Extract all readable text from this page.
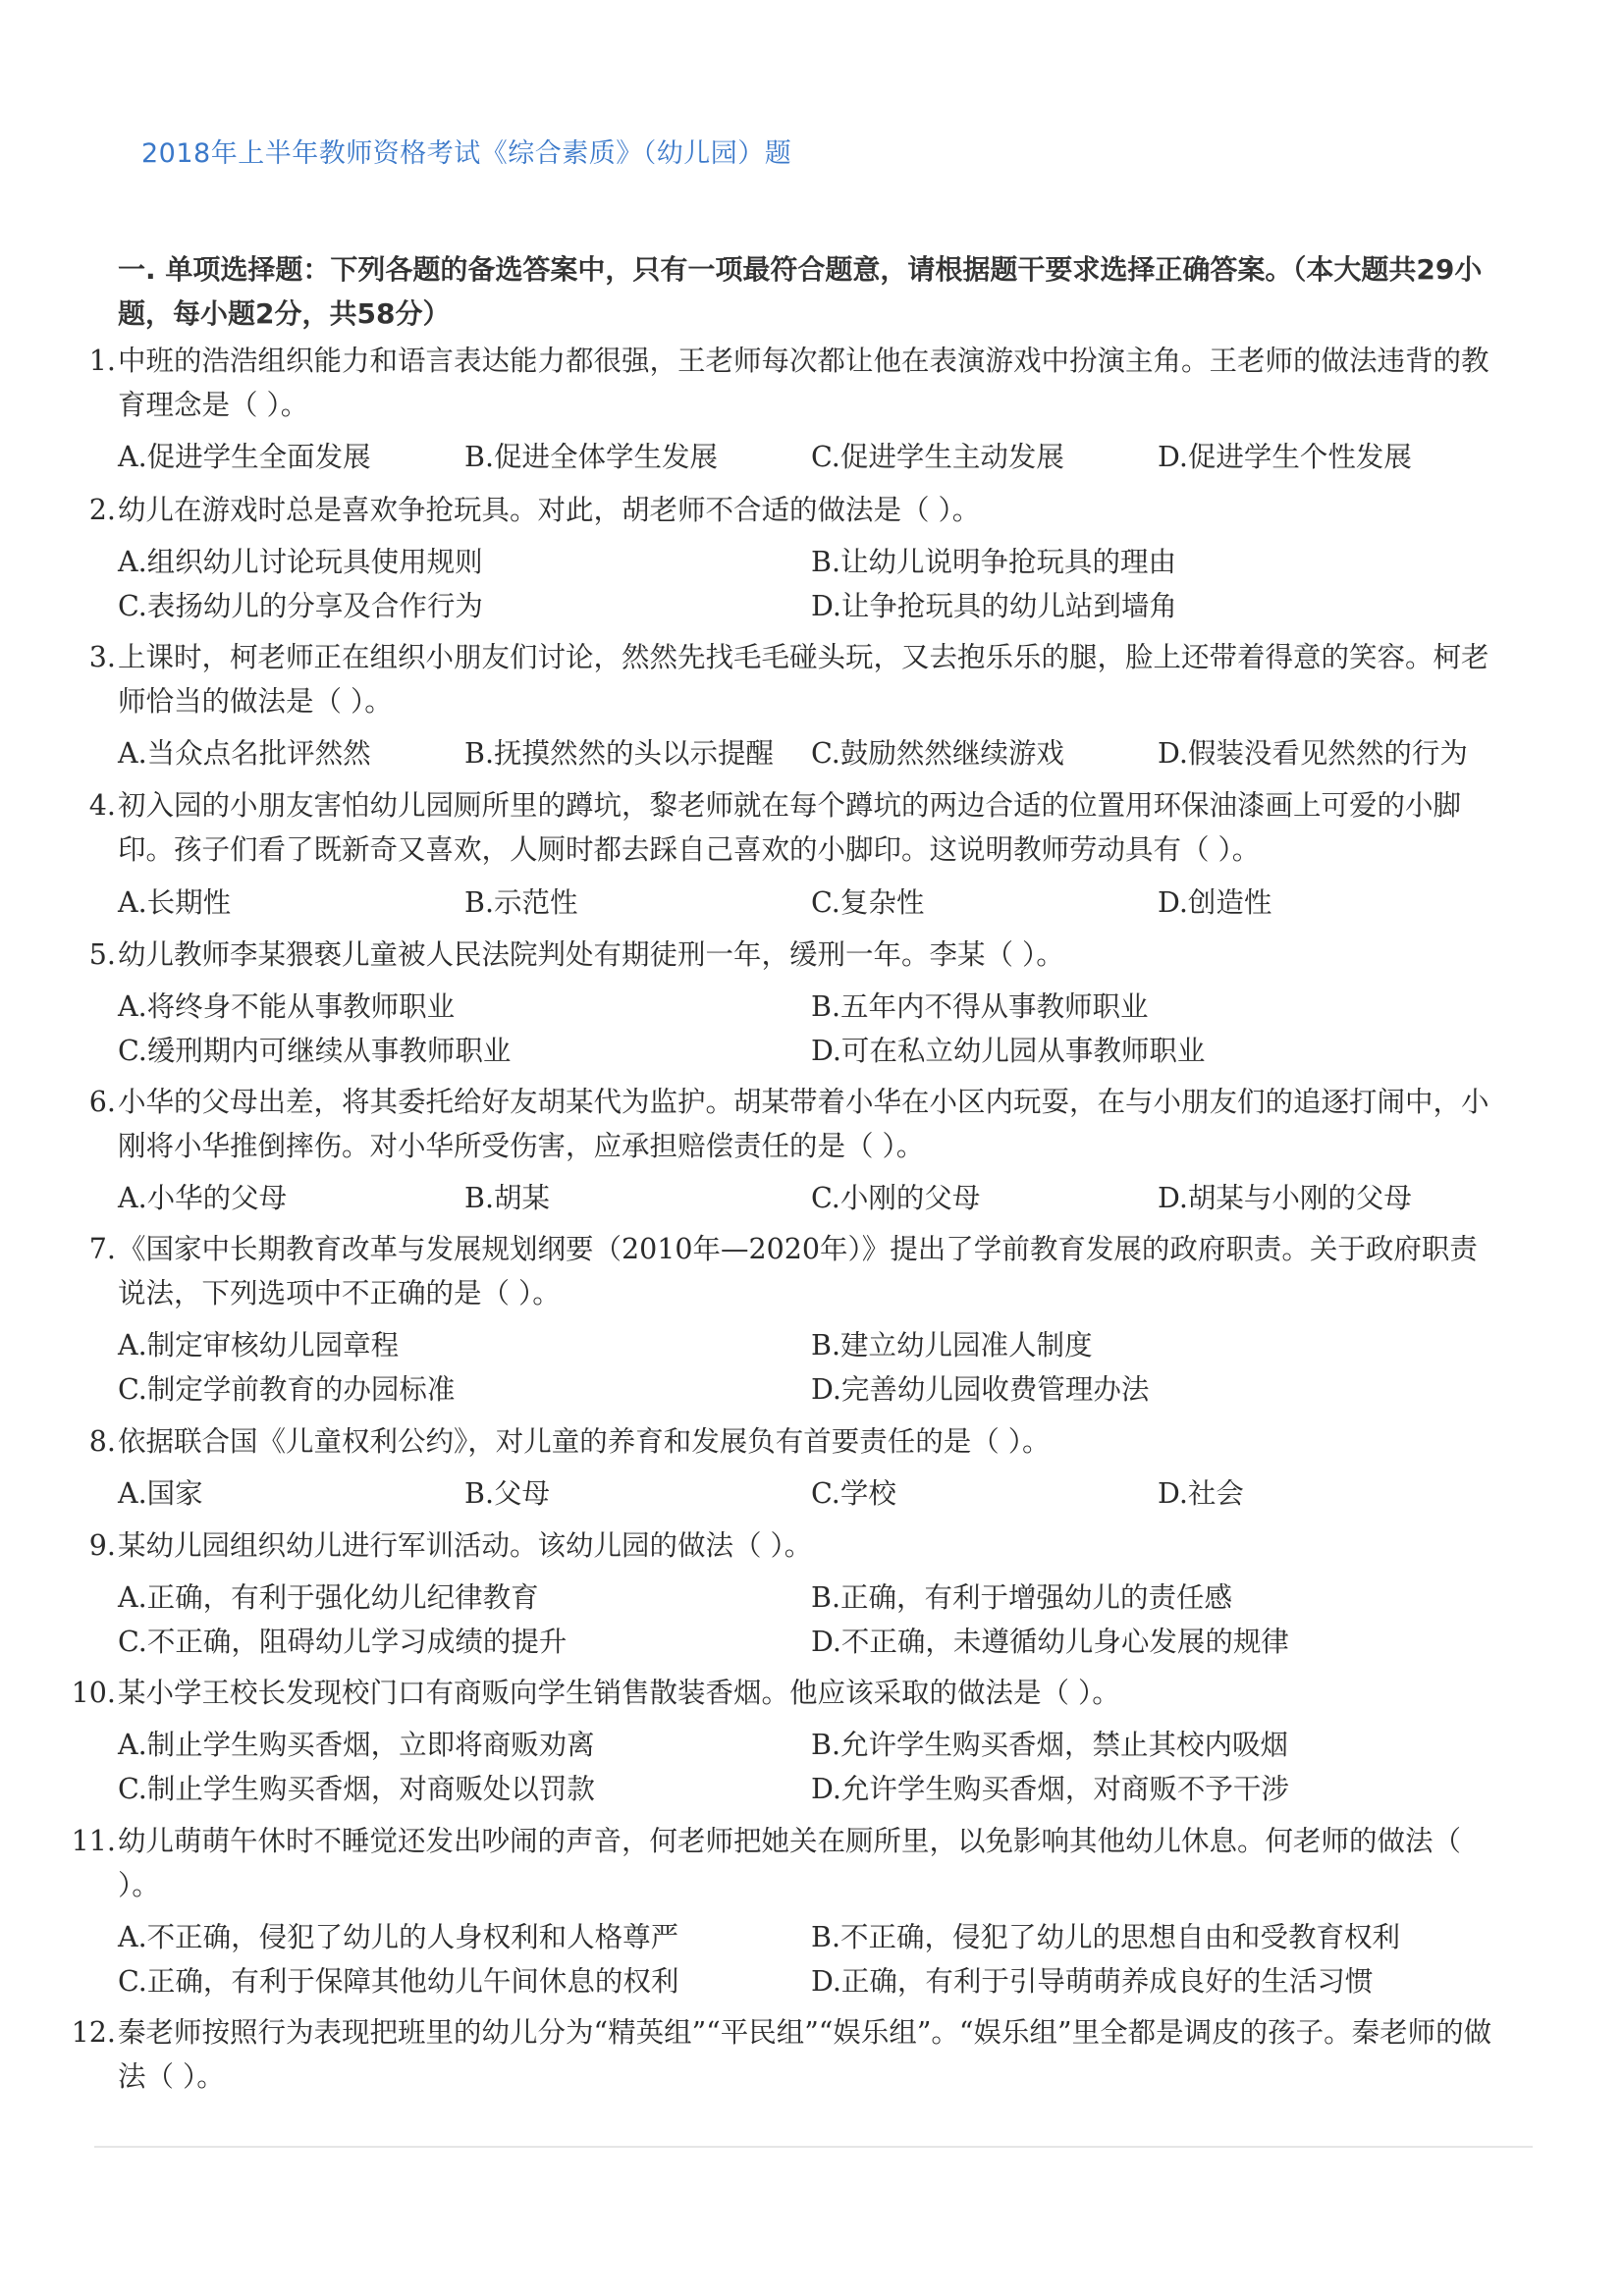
2018年上半年教师资格考试《综合素质》（幼儿园）题
一. 单项选择题：下列各题的备选答案中，只有一项最符合题意，请根据题干要求选择正确答案。（本大题共29小题，每小题2分，共58分）
1. 中班的浩浩组织能力和语言表达能力都很强，王老师每次都让他在表演游戏中扮演主角。王老师的做法违背的教育理念是（ ）。
A.促进学生全面发展	B.促进全体学生发展	C.促进学生主动发展	D.促进学生个性发展
2. 幼儿在游戏时总是喜欢争抢玩具。对此，胡老师不合适的做法是（ ）。
A.组织幼儿讨论玩具使用规则	B.让幼儿说明争抢玩具的理由
C.表扬幼儿的分享及合作行为	D.让争抢玩具的幼儿站到墙角
3. 上课时，柯老师正在组织小朋友们讨论，然然先找毛毛碰头玩，又去抱乐乐的腿，脸上还带着得意的笑容。柯老师恰当的做法是（ ）。
A.当众点名批评然然	B.抚摸然然的头以示提醒 C.鼓励然然继续游戏	D.假装没看见然然的行为
4. 初入园的小朋友害怕幼儿园厕所里的蹲坑，黎老师就在每个蹲坑的两边合适的位置用环保油漆画上可爱的小脚印。孩子们看了既新奇又喜欢，人厕时都去踩自己喜欢的小脚印。这说明教师劳动具有（ ）。
A.长期性	B.示范性	C.复杂性	D.创造性
5. 幼儿教师李某猥亵儿童被人民法院判处有期徒刑一年，缓刑一年。李某（ ）。
A.将终身不能从事教师职业	B.五年内不得从事教师职业
C.缓刑期内可继续从事教师职业	D.可在私立幼儿园从事教师职业
6. 小华的父母出差，将其委托给好友胡某代为监护。胡某带着小华在小区内玩耍，在与小朋友们的追逐打闹中，小刚将小华推倒摔伤。对小华所受伤害，应承担赔偿责任的是（ ）。
A.小华的父母	B.胡某	C.小刚的父母	D.胡某与小刚的父母
7. 《国家中长期教育改革与发展规划纲要（2010年—2020年）》提出了学前教育发展的政府职责。关于政府职责说法，下列选项中不正确的是（ ）。
A.制定审核幼儿园章程	B.建立幼儿园准人制度
C.制定学前教育的办园标准	D.完善幼儿园收费管理办法
8. 依据联合国《儿童权利公约》，对儿童的养育和发展负有首要责任的是（ ）。
A.国家	B.父母	C.学校	D.社会
9. 某幼儿园组织幼儿进行军训活动。该幼儿园的做法（ ）。
A.正确，有利于强化幼儿纪律教育	B.正确，有利于增强幼儿的责任感
C.不正确，阻碍幼儿学习成绩的提升	D.不正确，未遵循幼儿身心发展的规律
10. 某小学王校长发现校门口有商贩向学生销售散装香烟。他应该采取的做法是（ ）。
A.制止学生购买香烟，立即将商贩劝离	B.允许学生购买香烟，禁止其校内吸烟
C.制止学生购买香烟，对商贩处以罚款	D.允许学生购买香烟，对商贩不予干涉
11. 幼儿萌萌午休时不睡觉还发出吵闹的声音，何老师把她关在厕所里，以免影响其他幼儿休息。何老师的做法（ ）。
A.不正确，侵犯了幼儿的人身权利和人格尊严	B.不正确，侵犯了幼儿的思想自由和受教育权利
C.正确，有利于保障其他幼儿午间休息的权利	D.正确，有利于引导萌萌养成良好的生活习惯
12. 秦老师按照行为表现把班里的幼儿分为“精英组”“平民组”“娱乐组”。“娱乐组”里全都是调皮的孩子。秦老师的做法（ ）。
